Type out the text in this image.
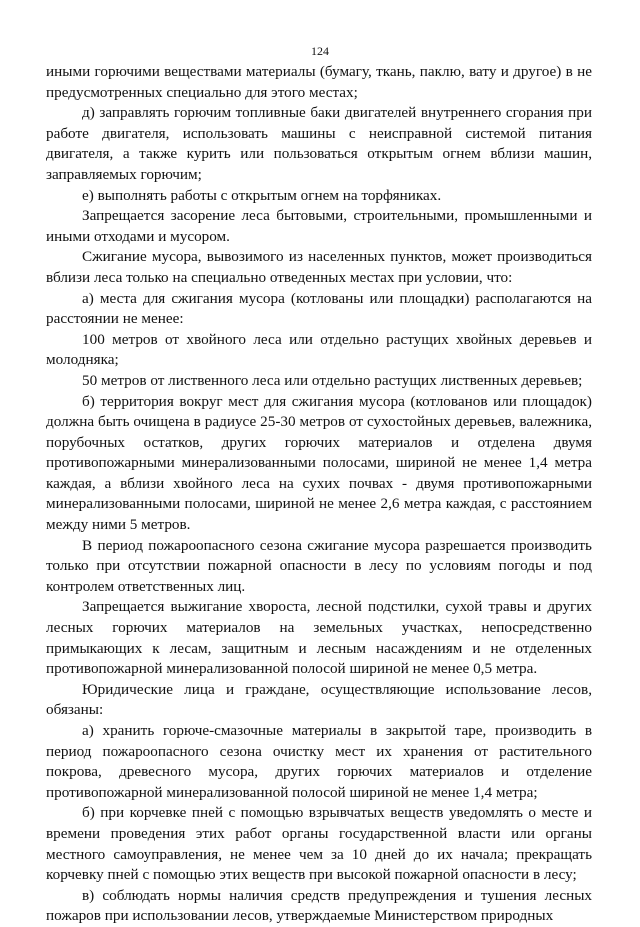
124

иными горючими веществами материалы (бумагу, ткань, паклю, вату и другое) в не предусмотренных специально для этого местах;

д) заправлять горючим топливные баки двигателей внутреннего сгорания при работе двигателя, использовать машины с неисправной системой питания двигателя, а также курить или пользоваться открытым огнем вблизи машин, заправляемых горючим;

е) выполнять работы с открытым огнем на торфяниках.

Запрещается засорение леса бытовыми, строительными, промышленными и иными отходами и мусором.

Сжигание мусора, вывозимого из населенных пунктов, может производиться вблизи леса только на специально отведенных местах при условии, что:

а) места для сжигания мусора (котлованы или площадки) располагаются на расстоянии не менее:

100 метров от хвойного леса или отдельно растущих хвойных деревьев и молодняка;

50 метров от лиственного леса или отдельно растущих лиственных деревьев;

б) территория вокруг мест для сжигания мусора (котлованов или площадок) должна быть очищена в радиусе 25-30 метров от сухостойных деревьев, валежника, порубочных остатков, других горючих материалов и отделена двумя противопожарными минерализованными полосами, шириной не менее 1,4 метра каждая, а вблизи хвойного леса на сухих почвах - двумя противопожарными минерализованными полосами, шириной не менее 2,6 метра каждая, с расстоянием между ними 5 метров.

В период пожароопасного сезона сжигание мусора разрешается производить только при отсутствии пожарной опасности в лесу по условиям погоды и под контролем ответственных лиц.

Запрещается выжигание хвороста, лесной подстилки, сухой травы и других лесных горючих материалов на земельных участках, непосредственно примыкающих к лесам, защитным и лесным насаждениям и не отделенных противопожарной минерализованной полосой шириной не менее 0,5 метра.

Юридические лица и граждане, осуществляющие использование лесов, обязаны:

а) хранить горюче-смазочные материалы в закрытой таре, производить в период пожароопасного сезона очистку мест их хранения от растительного покрова, древесного мусора, других горючих материалов и отделение противопожарной минерализованной полосой шириной не менее 1,4 метра;

б) при корчевке пней с помощью взрывчатых веществ уведомлять о месте и времени проведения этих работ органы государственной власти или органы местного самоуправления, не менее чем за 10 дней до их начала; прекращать корчевку пней с помощью этих веществ при высокой пожарной опасности в лесу;

в) соблюдать нормы наличия средств предупреждения и тушения лесных пожаров при использовании лесов, утверждаемые Министерством природных
